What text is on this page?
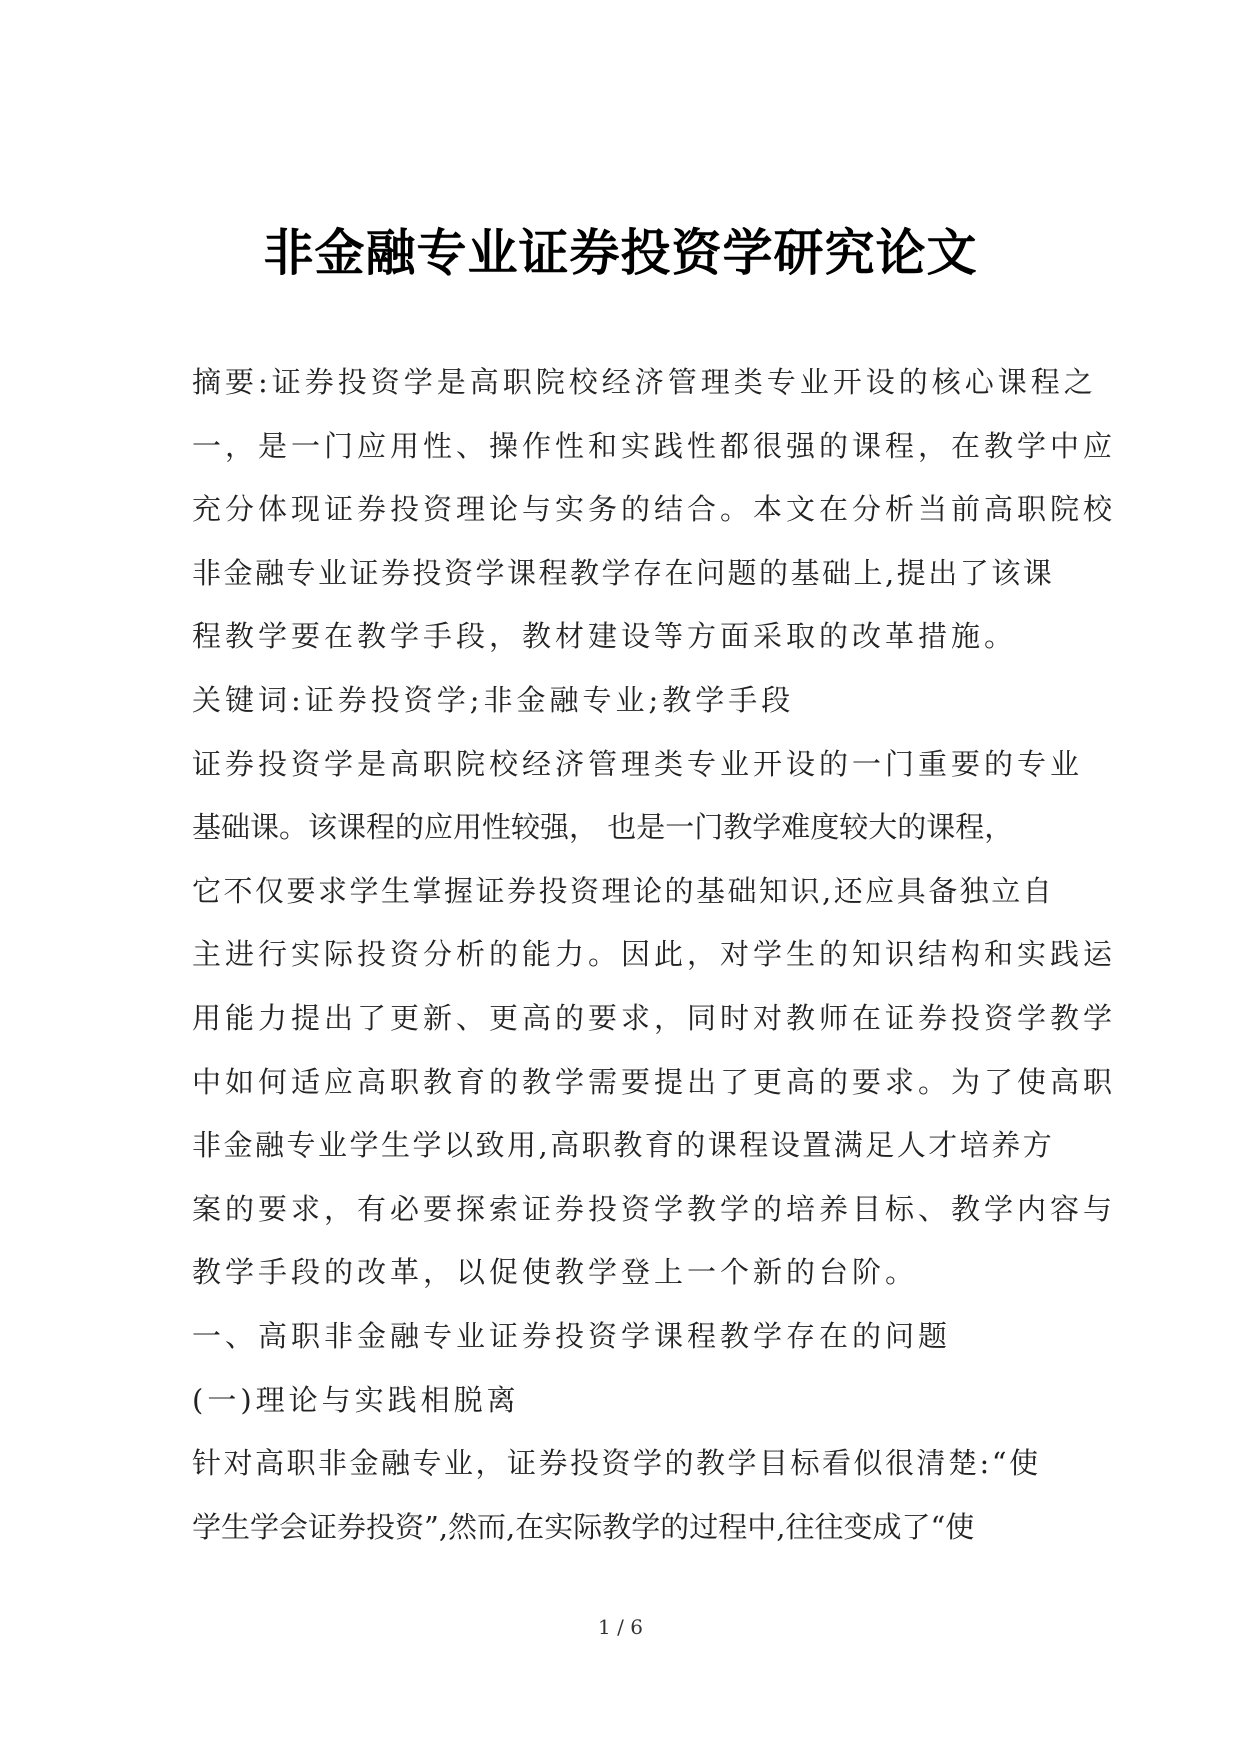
非金融专业证券投资学研究论文
摘要:证券投资学是高职院校经济管理类专业开设的核心课程之
一，是一门应用性、操作性和实践性都很强的课程，在教学中应
充分体现证券投资理论与实务的结合。本文在分析当前高职院校
非金融专业证券投资学课程教学存在问题的基础上,提出了该课
程教学要在教学手段，教材建设等方面采取的改革措施。
关键词:证券投资学;非金融专业;教学手段
证券投资学是高职院校经济管理类专业开设的一门重要的专业
基础课。该课程的应用性较强， 也是一门教学难度较大的课程，
它不仅要求学生掌握证券投资理论的基础知识,还应具备独立自
主进行实际投资分析的能力。因此，对学生的知识结构和实践运
用能力提出了更新、更高的要求，同时对教师在证券投资学教学
中如何适应高职教育的教学需要提出了更高的要求。为了使高职
非金融专业学生学以致用,高职教育的课程设置满足人才培养方
案的要求，有必要探索证券投资学教学的培养目标、教学内容与
教学手段的改革，以促使教学登上一个新的台阶。
一、高职非金融专业证券投资学课程教学存在的问题
(一)理论与实践相脱离
针对高职非金融专业，证券投资学的教学目标看似很清楚:“使
学生学会证券投资”,然而,在实际教学的过程中,往往变成了“使
1 / 6
